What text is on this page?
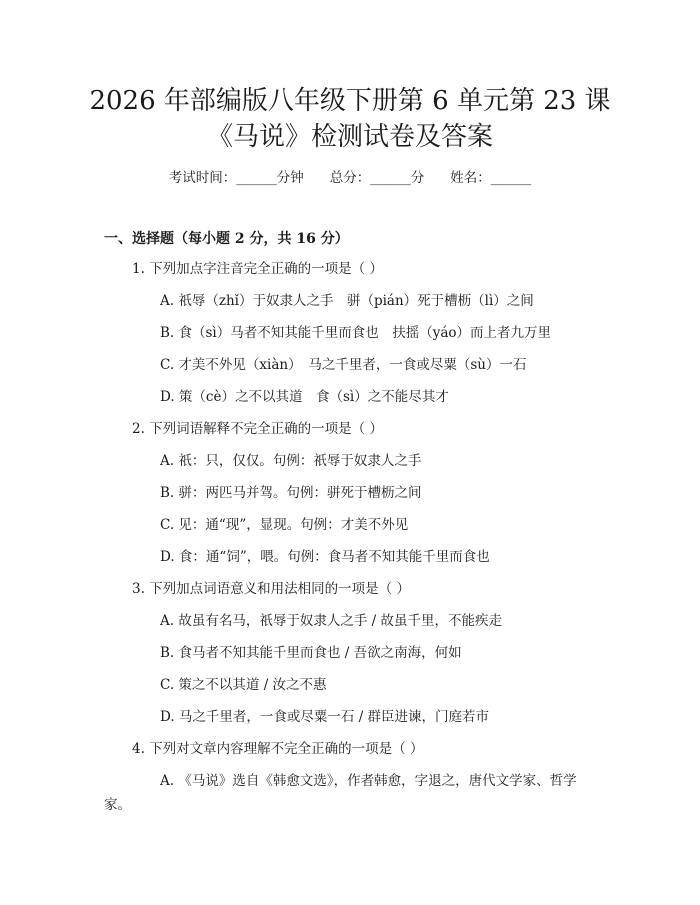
2026 年部编版八年级下册第 6 单元第 23 课
《马说》检测试卷及答案
考试时间：______分钟 总分：______分 姓名：______
一、选择题（每小题 2 分，共 16 分）
1. 下列加点字注音完全正确的一项是（ ）
A. 祇辱（zhǐ）于奴隶人之手　骈（pián）死于槽枥（lì）之间
B. 食（sì）马者不知其能千里而食也　扶摇（yáo）而上者九万里
C. 才美不外见（xiàn）　马之千里者，一食或尽粟（sù）一石
D. 策（cè）之不以其道　食（sì）之不能尽其才
2. 下列词语解释不完全正确的一项是（ ）
A. 祇：只，仅仅。句例：祇辱于奴隶人之手
B. 骈：两匹马并驾。句例：骈死于槽枥之间
C. 见：通“现”，显现。句例：才美不外见
D. 食：通“饲”，喂。句例：食马者不知其能千里而食也
3. 下列加点词语意义和用法相同的一项是（ ）
A. 故虽有名马，祇辱于奴隶人之手 / 故虽千里，不能疾走
B. 食马者不知其能千里而食也 / 吾欲之南海，何如
C. 策之不以其道 / 汝之不惠
D. 马之千里者，一食或尽粟一石 / 群臣进谏，门庭若市
4. 下列对文章内容理解不完全正确的一项是（ ）
A. 《马说》选自《韩愈文选》，作者韩愈，字退之，唐代文学家、哲学
家。
